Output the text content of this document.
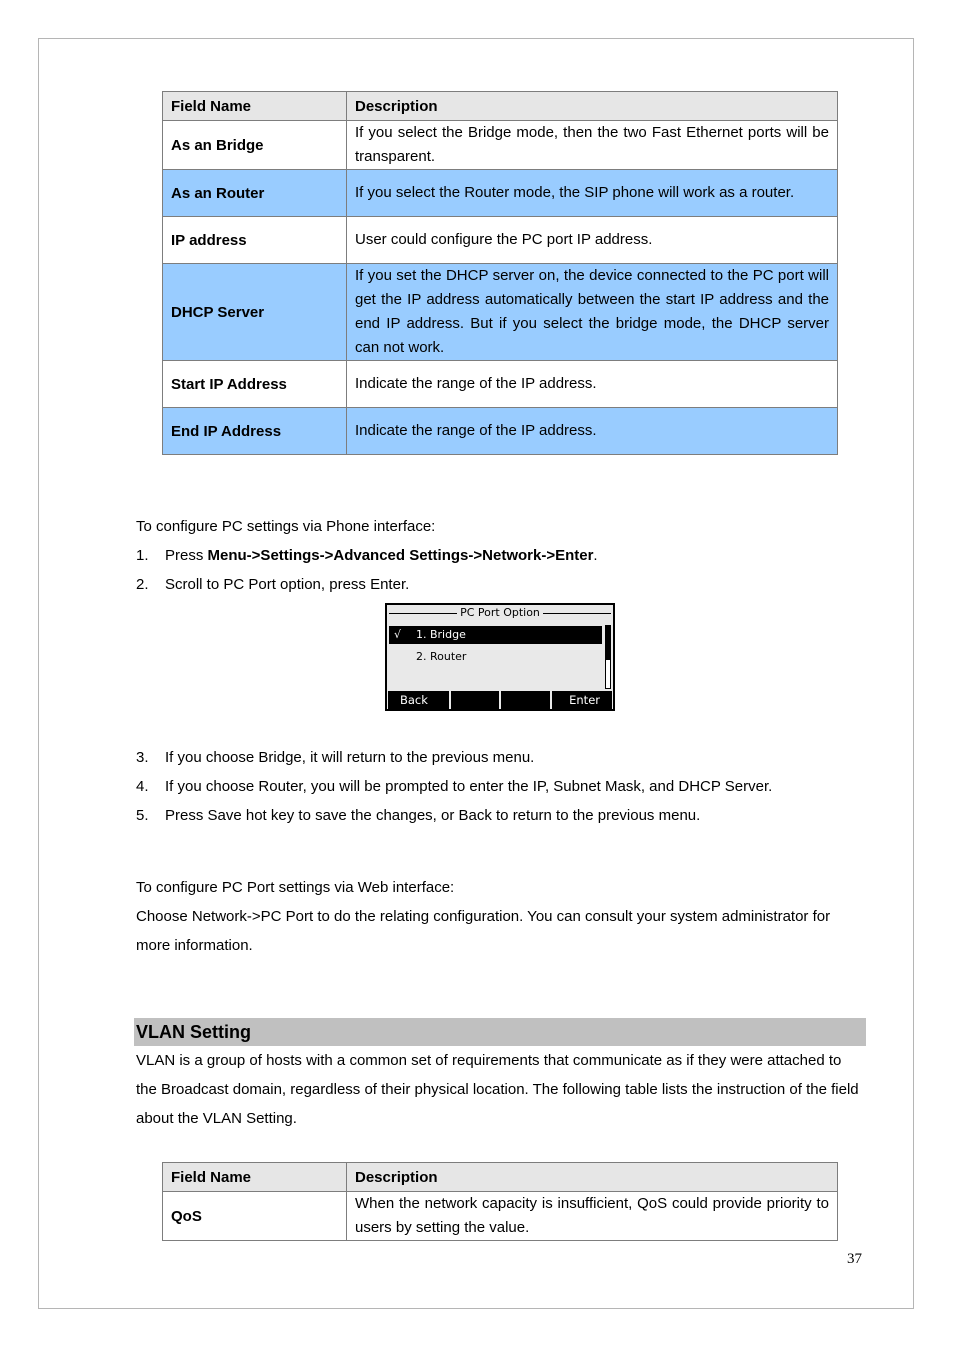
Field Name	Description
As an Bridge	If you select the Bridge mode, then the two Fast Ethernet ports will be transparent.
As an Router	If you select the Router mode, the SIP phone will work as a router.
IP address	User could configure the PC port IP address.
DHCP Server	If you set the DHCP server on, the device connected to the PC port will get the IP address automatically between the start IP address and the end IP address. But if you select the bridge mode, the DHCP server can not work.
Start IP Address	Indicate the range of the IP address.
End IP Address	Indicate the range of the IP address.
To configure PC settings via Phone interface:
1. Press Menu->Settings->Advanced Settings->Network->Enter.
2. Scroll to PC Port option, press Enter.
PC Port Option
√ 1. Bridge
2. Router
Back	Enter
3. If you choose Bridge, it will return to the previous menu.
4. If you choose Router, you will be prompted to enter the IP, Subnet Mask, and DHCP Server.
5. Press Save hot key to save the changes, or Back to return to the previous menu.
To configure PC Port settings via Web interface:
Choose Network->PC Port to do the relating configuration. You can consult your system administrator for more information.
VLAN Setting
VLAN is a group of hosts with a common set of requirements that communicate as if they were attached to the Broadcast domain, regardless of their physical location. The following table lists the instruction of the field about the VLAN Setting.
Field Name	Description
QoS	When the network capacity is insufficient, QoS could provide priority to users by setting the value.
37
